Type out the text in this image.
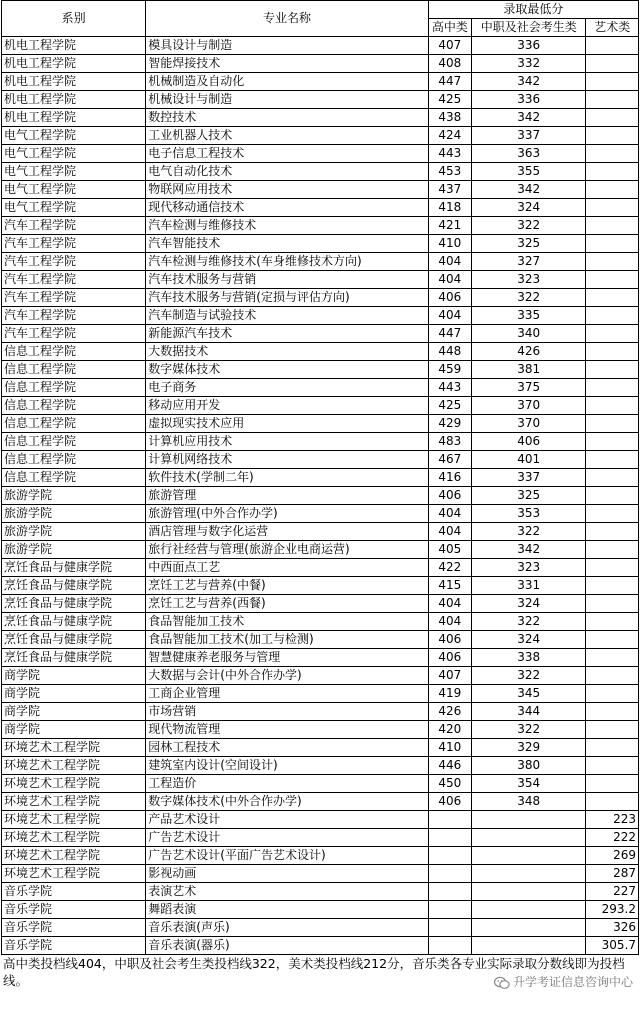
系别	专业名称	录取最低分		
		高中类	中职及社会考生类	艺术类
机电工程学院	模具设计与制造	407	336	
机电工程学院	智能焊接技术	408	332	
机电工程学院	机械制造及自动化	447	342	
机电工程学院	机械设计与制造	425	336	
机电工程学院	数控技术	438	342	
电气工程学院	工业机器人技术	424	337	
电气工程学院	电子信息工程技术	443	363	
电气工程学院	电气自动化技术	453	355	
电气工程学院	物联网应用技术	437	342	
电气工程学院	现代移动通信技术	418	324	
汽车工程学院	汽车检测与维修技术	421	322	
汽车工程学院	汽车智能技术	410	325	
汽车工程学院	汽车检测与维修技术(车身维修技术方向)	404	327	
汽车工程学院	汽车技术服务与营销	404	323	
汽车工程学院	汽车技术服务与营销(定损与评估方向)	406	322	
汽车工程学院	汽车制造与试验技术	404	335	
汽车工程学院	新能源汽车技术	447	340	
信息工程学院	大数据技术	448	426	
信息工程学院	数字媒体技术	459	381	
信息工程学院	电子商务	443	375	
信息工程学院	移动应用开发	425	370	
信息工程学院	虚拟现实技术应用	429	370	
信息工程学院	计算机应用技术	483	406	
信息工程学院	计算机网络技术	467	401	
信息工程学院	软件技术(学制二年)	416	337	
旅游学院	旅游管理	406	325	
旅游学院	旅游管理(中外合作办学)	404	353	
旅游学院	酒店管理与数字化运营	404	322	
旅游学院	旅行社经营与管理(旅游企业电商运营)	405	342	
烹饪食品与健康学院	中西面点工艺	422	323	
烹饪食品与健康学院	烹饪工艺与营养(中餐)	415	331	
烹饪食品与健康学院	烹饪工艺与营养(西餐)	404	324	
烹饪食品与健康学院	食品智能加工技术	404	322	
烹饪食品与健康学院	食品智能加工技术(加工与检测)	406	324	
烹饪食品与健康学院	智慧健康养老服务与管理	406	338	
商学院	大数据与会计(中外合作办学)	407	322	
商学院	工商企业管理	419	345	
商学院	市场营销	426	344	
商学院	现代物流管理	420	322	
环境艺术工程学院	园林工程技术	410	329	
环境艺术工程学院	建筑室内设计(空间设计)	446	380	
环境艺术工程学院	工程造价	450	354	
环境艺术工程学院	数字媒体技术(中外合作办学)	406	348	
环境艺术工程学院	产品艺术设计			223
环境艺术工程学院	广告艺术设计			222
环境艺术工程学院	广告艺术设计(平面广告艺术设计)			269
环境艺术工程学院	影视动画			287
音乐学院	表演艺术			227
音乐学院	舞蹈表演			293.2
音乐学院	音乐表演(声乐)			326
音乐学院	音乐表演(器乐)			305.7
高中类投档线404，中职及社会考生类投档线322，美术类投档线212分，音乐类各专业实际录取分数线即为投档线。	升学考证信息咨询中心
